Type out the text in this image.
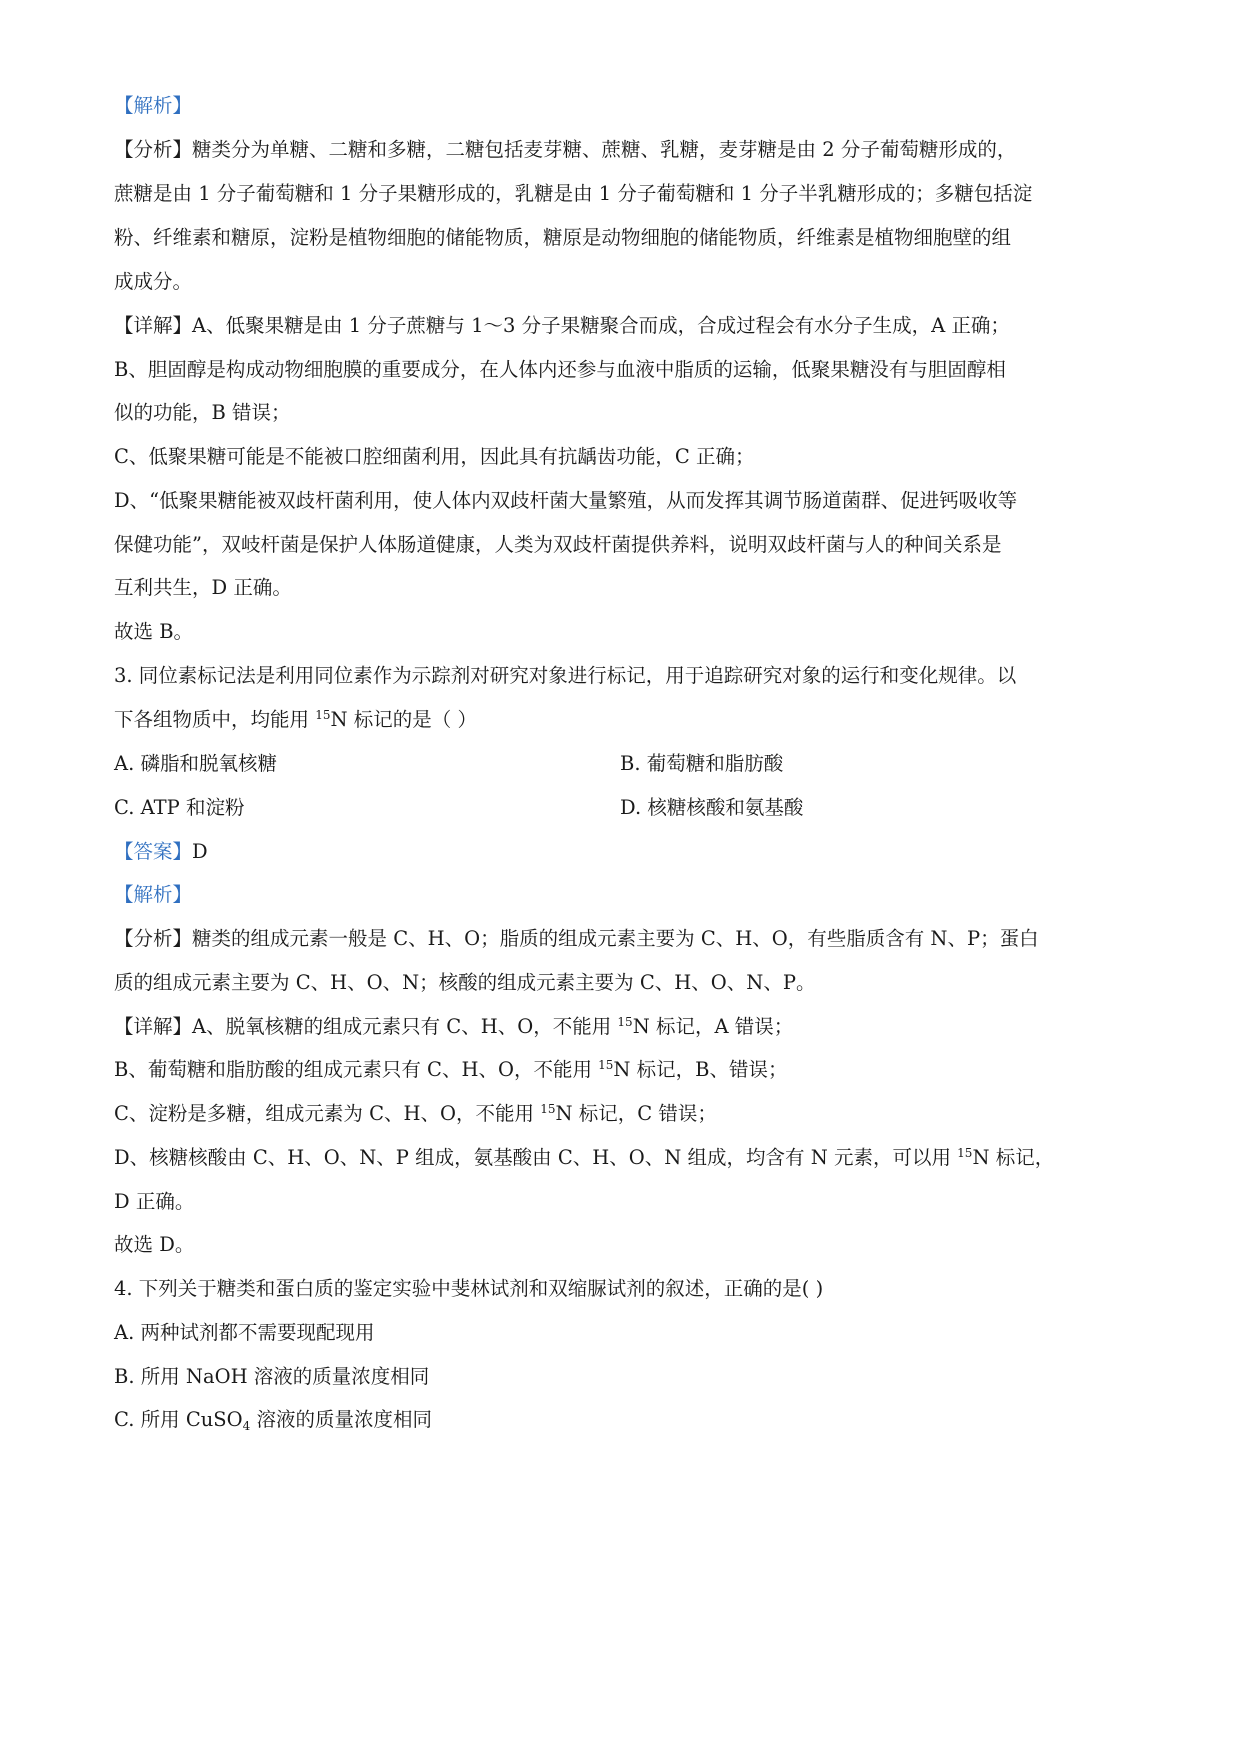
【解析】
【分析】糖类分为单糖、二糖和多糖，二糖包括麦芽糖、蔗糖、乳糖，麦芽糖是由 2 分子葡萄糖形成的，
蔗糖是由 1 分子葡萄糖和 1 分子果糖形成的，乳糖是由 1 分子葡萄糖和 1 分子半乳糖形成的；多糖包括淀
粉、纤维素和糖原，淀粉是植物细胞的储能物质，糖原是动物细胞的储能物质，纤维素是植物细胞壁的组
成成分。
【详解】A、低聚果糖是由 1 分子蔗糖与 1～3 分子果糖聚合而成，合成过程会有水分子生成，A 正确；
B、胆固醇是构成动物细胞膜的重要成分，在人体内还参与血液中脂质的运输，低聚果糖没有与胆固醇相
似的功能，B 错误；
C、低聚果糖可能是不能被口腔细菌利用，因此具有抗龋齿功能，C 正确；
D、“低聚果糖能被双歧杆菌利用，使人体内双歧杆菌大量繁殖，从而发挥其调节肠道菌群、促进钙吸收等
保健功能”，双岐杆菌是保护人体肠道健康，人类为双歧杆菌提供养料，说明双歧杆菌与人的种间关系是
互利共生，D 正确。
故选 B。
3. 同位素标记法是利用同位素作为示踪剂对研究对象进行标记，用于追踪研究对象的运行和变化规律。以
下各组物质中，均能用 $^{15}$N 标记的是（ ）
A. 磷脂和脱氧核糖	B. 葡萄糖和脂肪酸
C. ATP 和淀粉	D. 核糖核酸和氨基酸
【答案】D
【解析】
【分析】糖类的组成元素一般是 C、H、O；脂质的组成元素主要为 C、H、O，有些脂质含有 N、P；蛋白
质的组成元素主要为 C、H、O、N；核酸的组成元素主要为 C、H、O、N、P。
【详解】A、脱氧核糖的组成元素只有 C、H、O，不能用 $^{15}$N 标记，A 错误；
B、葡萄糖和脂肪酸的组成元素只有 C、H、O，不能用 $^{15}$N 标记，B、错误；
C、淀粉是多糖，组成元素为 C、H、O，不能用 $^{15}$N 标记，C 错误；
D、核糖核酸由 C、H、O、N、P 组成，氨基酸由 C、H、O、N 组成，均含有 N 元素，可以用 $^{15}$N 标记，
D 正确。
故选 D。
4. 下列关于糖类和蛋白质的鉴定实验中斐林试剂和双缩脲试剂的叙述，正确的是( )
A. 两种试剂都不需要现配现用
B. 所用 NaOH 溶液的质量浓度相同
C. 所用 CuSO$_4$ 溶液的质量浓度相同
